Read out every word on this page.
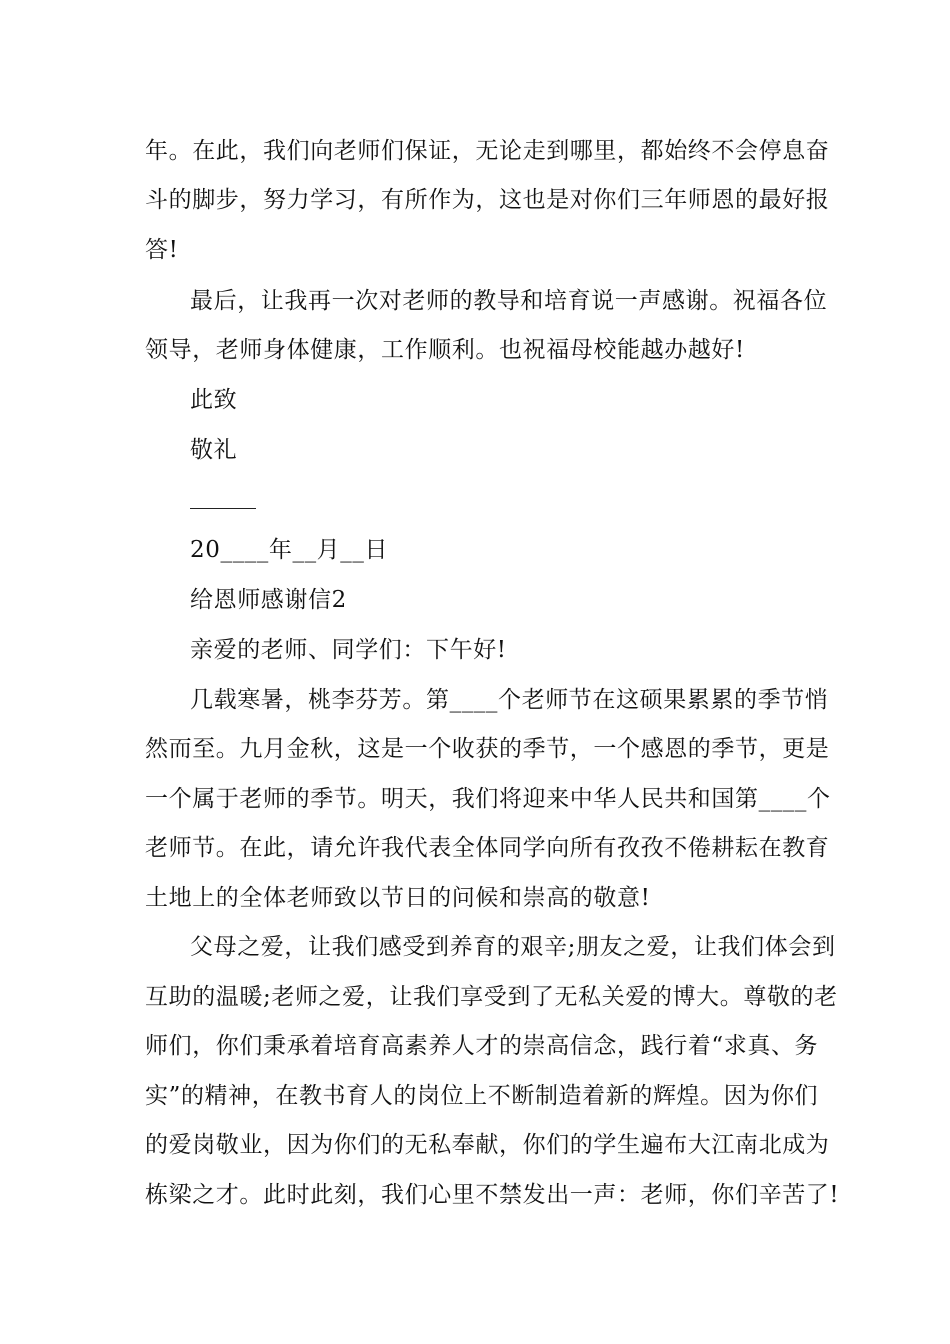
年。在此，我们向老师们保证，无论走到哪里，都始终不会停息奋
斗的脚步，努力学习，有所作为，这也是对你们三年师恩的最好报
答!
最后，让我再一次对老师的教导和培育说一声感谢。祝福各位
领导，老师身体健康，工作顺利。也祝福母校能越办越好!
此致
敬礼
20____年__月__日
给恩师感谢信2
亲爱的老师、同学们：下午好!
几载寒暑，桃李芬芳。第____个老师节在这硕果累累的季节悄
然而至。九月金秋，这是一个收获的季节，一个感恩的季节，更是
一个属于老师的季节。明天，我们将迎来中华人民共和国第____个
老师节。在此，请允许我代表全体同学向所有孜孜不倦耕耘在教育
土地上的全体老师致以节日的问候和崇高的敬意!
父母之爱，让我们感受到养育的艰辛;朋友之爱，让我们体会到
互助的温暖;老师之爱，让我们享受到了无私关爱的博大。尊敬的老
师们，你们秉承着培育高素养人才的崇高信念，践行着“求真、务
实”的精神，在教书育人的岗位上不断制造着新的辉煌。因为你们
的爱岗敬业，因为你们的无私奉献，你们的学生遍布大江南北成为
栋梁之才。此时此刻，我们心里不禁发出一声：老师，你们辛苦了!
